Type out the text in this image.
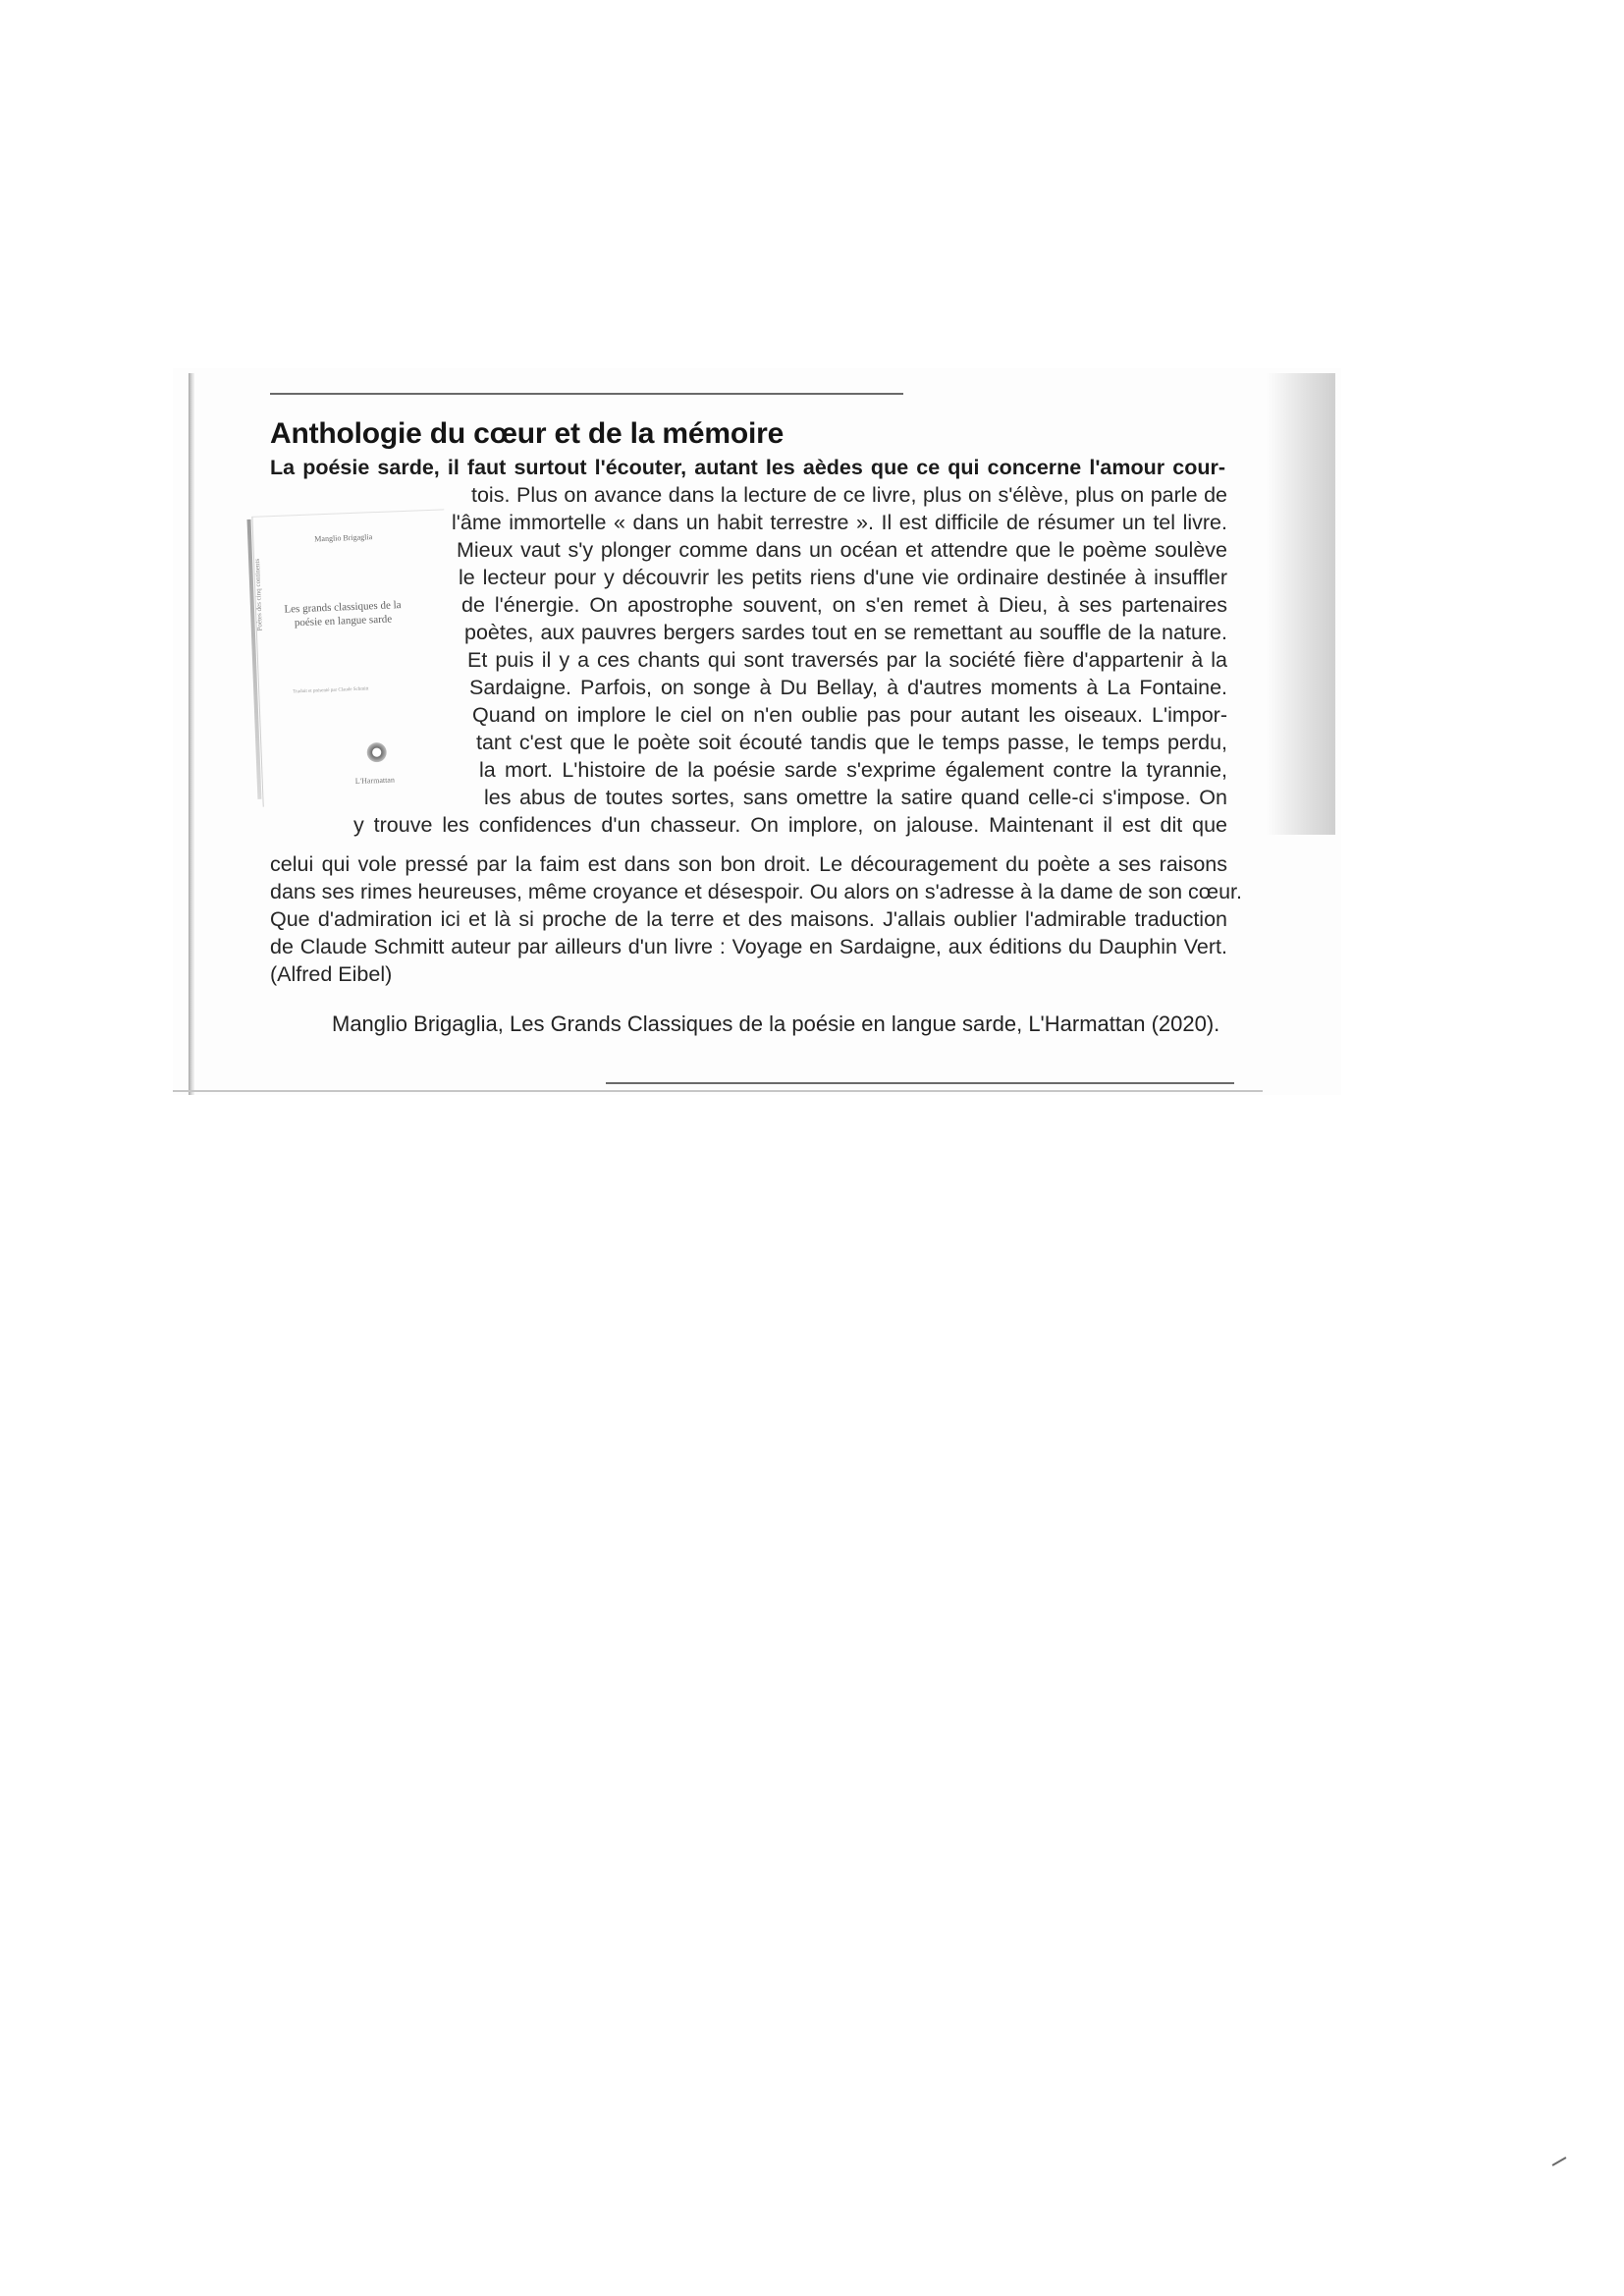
Anthologie du cœur et de la mémoire

La poésie sarde, il faut surtout l'écouter, autant les aèdes que ce qui concerne l'amour cour-

tois. Plus on avance dans la lecture de ce livre, plus on s'élève, plus on parle de

l'âme immortelle « dans un habit terrestre ». Il est difficile de résumer un tel livre.

Mieux vaut s'y plonger comme dans un océan et attendre que le poème soulève

le lecteur pour y découvrir les petits riens d'une vie ordinaire destinée à insuffler

de l'énergie. On apostrophe souvent, on s'en remet à Dieu, à ses partenaires

poètes, aux pauvres bergers sardes tout en se remettant au souffle de la nature.

Et puis il y a ces chants qui sont traversés par la société fière d'appartenir à la

Sardaigne. Parfois, on songe à Du Bellay, à d'autres moments à La Fontaine.

Quand on implore le ciel on n'en oublie pas pour autant les oiseaux. L'impor-

tant c'est que le poète soit écouté tandis que le temps passe, le temps perdu,

la mort. L'histoire de la poésie sarde s'exprime également contre la tyrannie,

les abus de toutes sortes, sans omettre la satire quand celle-ci s'impose. On

y trouve les confidences d'un chasseur. On implore, on jalouse. Maintenant il est dit que

celui qui vole pressé par la faim est dans son bon droit. Le découragement du poète a ses raisons

dans ses rimes heureuses, même croyance et désespoir. Ou alors on s'adresse à la dame de son cœur.

Que d'admiration ici et là si proche de la terre et des maisons. J'allais oublier l'admirable traduction

de Claude Schmitt auteur par ailleurs d'un livre : Voyage en Sardaigne, aux éditions du Dauphin Vert.

(Alfred Eibel)

Manglio Brigaglia, Les Grands Classiques de la poésie en langue sarde, L'Harmattan (2020).

Manglio Brigaglia
Poètes des cinq continents Les grands classiques de la poésie en langue sarde
Traduit et présenté par Claude Schmitt
L'Harmattan
